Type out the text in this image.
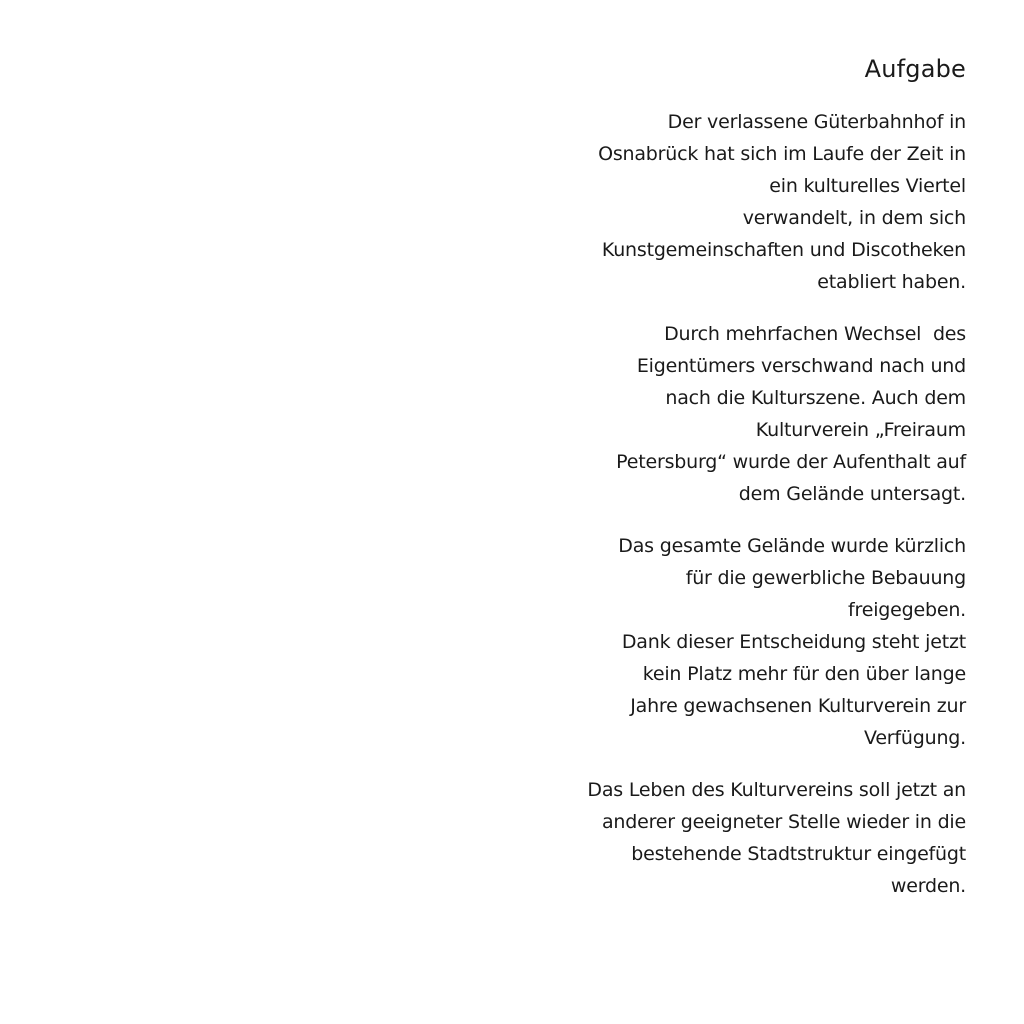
Aufgabe

Der verlassene Güterbahnhof in
Osnabrück hat sich im Laufe der Zeit in
ein kulturelles Viertel
verwandelt, in dem sich
Kunstgemeinschaften und Discotheken
etabliert haben.

Durch mehrfachen Wechsel  des
Eigentümers verschwand nach und
nach die Kulturszene. Auch dem
Kulturverein „Freiraum
Petersburg“ wurde der Aufenthalt auf
dem Gelände untersagt.

Das gesamte Gelände wurde kürzlich
für die gewerbliche Bebauung
freigegeben.
Dank dieser Entscheidung steht jetzt
kein Platz mehr für den über lange
Jahre gewachsenen Kulturverein zur
Verfügung.

Das Leben des Kulturvereins soll jetzt an
anderer geeigneter Stelle wieder in die
bestehende Stadtstruktur eingefügt
werden.
